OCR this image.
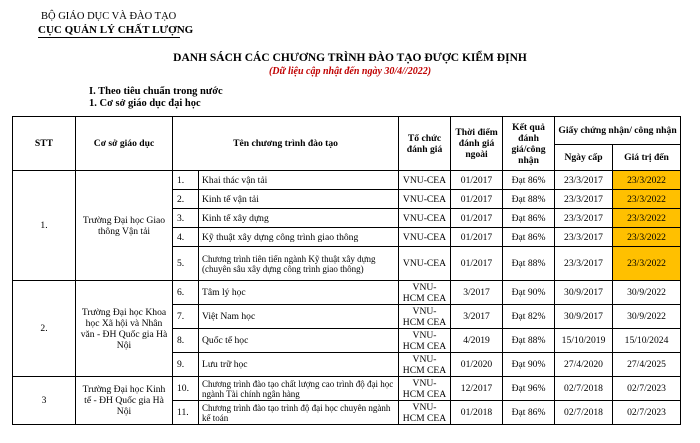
BỘ GIÁO DỤC VÀ ĐÀO TẠO
CỤC QUẢN LÝ CHẤT LƯỢNG
DANH SÁCH CÁC CHƯƠNG TRÌNH ĐÀO TẠO ĐƯỢC KIỂM ĐỊNH
(Dữ liệu cập nhật đến ngày 30/4//2022)
I. Theo tiêu chuẩn trong nước
1. Cơ sở giáo dục đại học
STT	Cơ sở giáo dục	Tên chương trình đào tạo		Tổ chức đánh giá	Thời điểm đánh giá ngoài	Kết quả đánh giá/công nhận	Giấy chứng nhận/ công nhận	
							Ngày cấp	Giá trị đến
1.	Trường Đại học Giao thông Vận tải	1.	Khai thác vận tải	VNU-CEA	01/2017	Đạt 86%	23/3/2017	23/3/2022
		2.	Kinh tế vận tải	VNU-CEA	01/2017	Đạt 88%	23/3/2017	23/3/2022
		3.	Kinh tế xây dựng	VNU-CEA	01/2017	Đạt 86%	23/3/2017	23/3/2022
		4.	Kỹ thuật xây dựng công trình giao thông	VNU-CEA	01/2017	Đạt 86%	23/3/2017	23/3/2022
		5.	Chương trình tiên tiến ngành Kỹ thuật xây dựng (chuyên sâu xây dựng công trình giao thông)	VNU-CEA	01/2017	Đạt 88%	23/3/2017	23/3/2022
2.	Trường Đại học Khoa học Xã hội và Nhân văn - ĐH Quốc gia Hà Nội	6.	Tâm lý học	VNU-HCM CEA	3/2017	Đạt 90%	30/9/2017	30/9/2022
		7.	Việt Nam học	VNU-HCM CEA	3/2017	Đạt 82%	30/9/2017	30/9/2022
		8.	Quốc tế học	VNU-HCM CEA	4/2019	Đạt 88%	15/10/2019	15/10/2024
		9.	Lưu trữ học	VNU-HCM CEA	01/2020	Đạt 90%	27/4/2020	27/4/2025
3	Trường Đại học Kinh tế - ĐH Quốc gia Hà Nội	10.	Chương trình đào tạo chất lượng cao trình độ đại học ngành Tài chính ngân hàng	VNU-HCM CEA	12/2017	Đạt 96%	02/7/2018	02/7/2023
		11.	Chương trình đào tạo trình độ đại học chuyên ngành kế toán	VNU-HCM CEA	01/2018	Đạt 86%	02/7/2018	02/7/2023
